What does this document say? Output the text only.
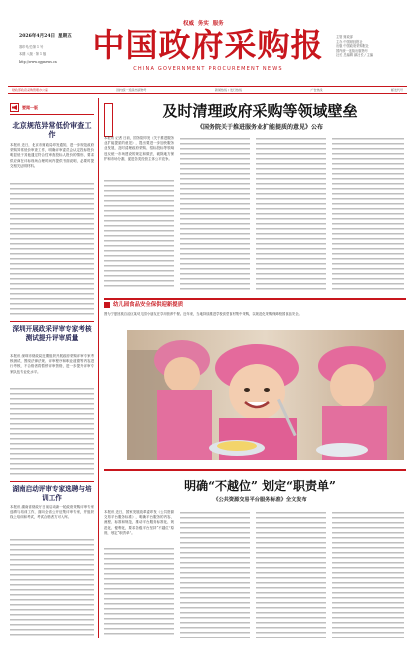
2026年4月24日 星期五
准印号/总第 1 号
本期 八版 · 第 1 版
http://www.cgpnews.cn
权威  务实  服务
中国政府采购报
CHINA GOVERNMENT PROCUREMENT NEWS
主管 财政部
主办 中国财经报社
出版 中国政府采购报社
国内统一连续出版物号
社长 总编辑 副社长 / 主编
财政部政府采购管理办公室	国内统一连续出版物号	新闻热线 / 发行热线	广告热线	邮发代号
要闻一版
北京规范异常低价审查工作
本报讯 近日，北京市财政局印发通知，进一步规范政府采购异常低价审查工作，明确评审委员会认定投标报价明显低于其他通过符合性审查投标人报价的情形，要求供应商在评标现场合理时间内提供书面说明，必要时提交相关证明材料。
深圳开展政采评审专家考核测试提升评审质量
本报讯 深圳市财政局近期组织开展政府采购评审专家考核测试，围绕法律法规、评审程序和职业道德等内容进行考核，不合格者将暂停评审资格，进一步提升评审专家队伍专业化水平。
湖南启动评审专家选聘与培训工作
本报讯 湖南省财政厅日前启动新一轮政府采购评审专家选聘与培训工作，面向全省公开征集评审专家，并组织线上培训和考试，考试合格者方可入库。
及时清理政府采购等领域壁垒
《国务院关于推进服务业扩能提质的意见》公布
本报讯 记者 日前，国务院印发《关于推进服务业扩能提质的意见》，提出要进一步加快服务业发展，及时清理政府采购、招标投标等领域违反统一市场建设的规定和做法，破除地方保护和市场分割，促进各类经营主体公平竞争。
幼儿园食品安全保供迎新提质
图为宁夏回族自治区某幼儿园小朋友在享用营养午餐。近年来，当地持续推进学校食堂食材集中采购，以规范化采购保障校园食品安全。
明确“不越位” 划定“职责单”
《公共资源交易平台服务标准》全文发布
本报讯 近日，国家发展改革委印发《公共资源交易平台服务标准》，明确平台服务的内容、流程、标准和规范，推动平台服务标准化、规范化、便利化，要求各级平台坚持“不越位”原则，划定“职责单”。
